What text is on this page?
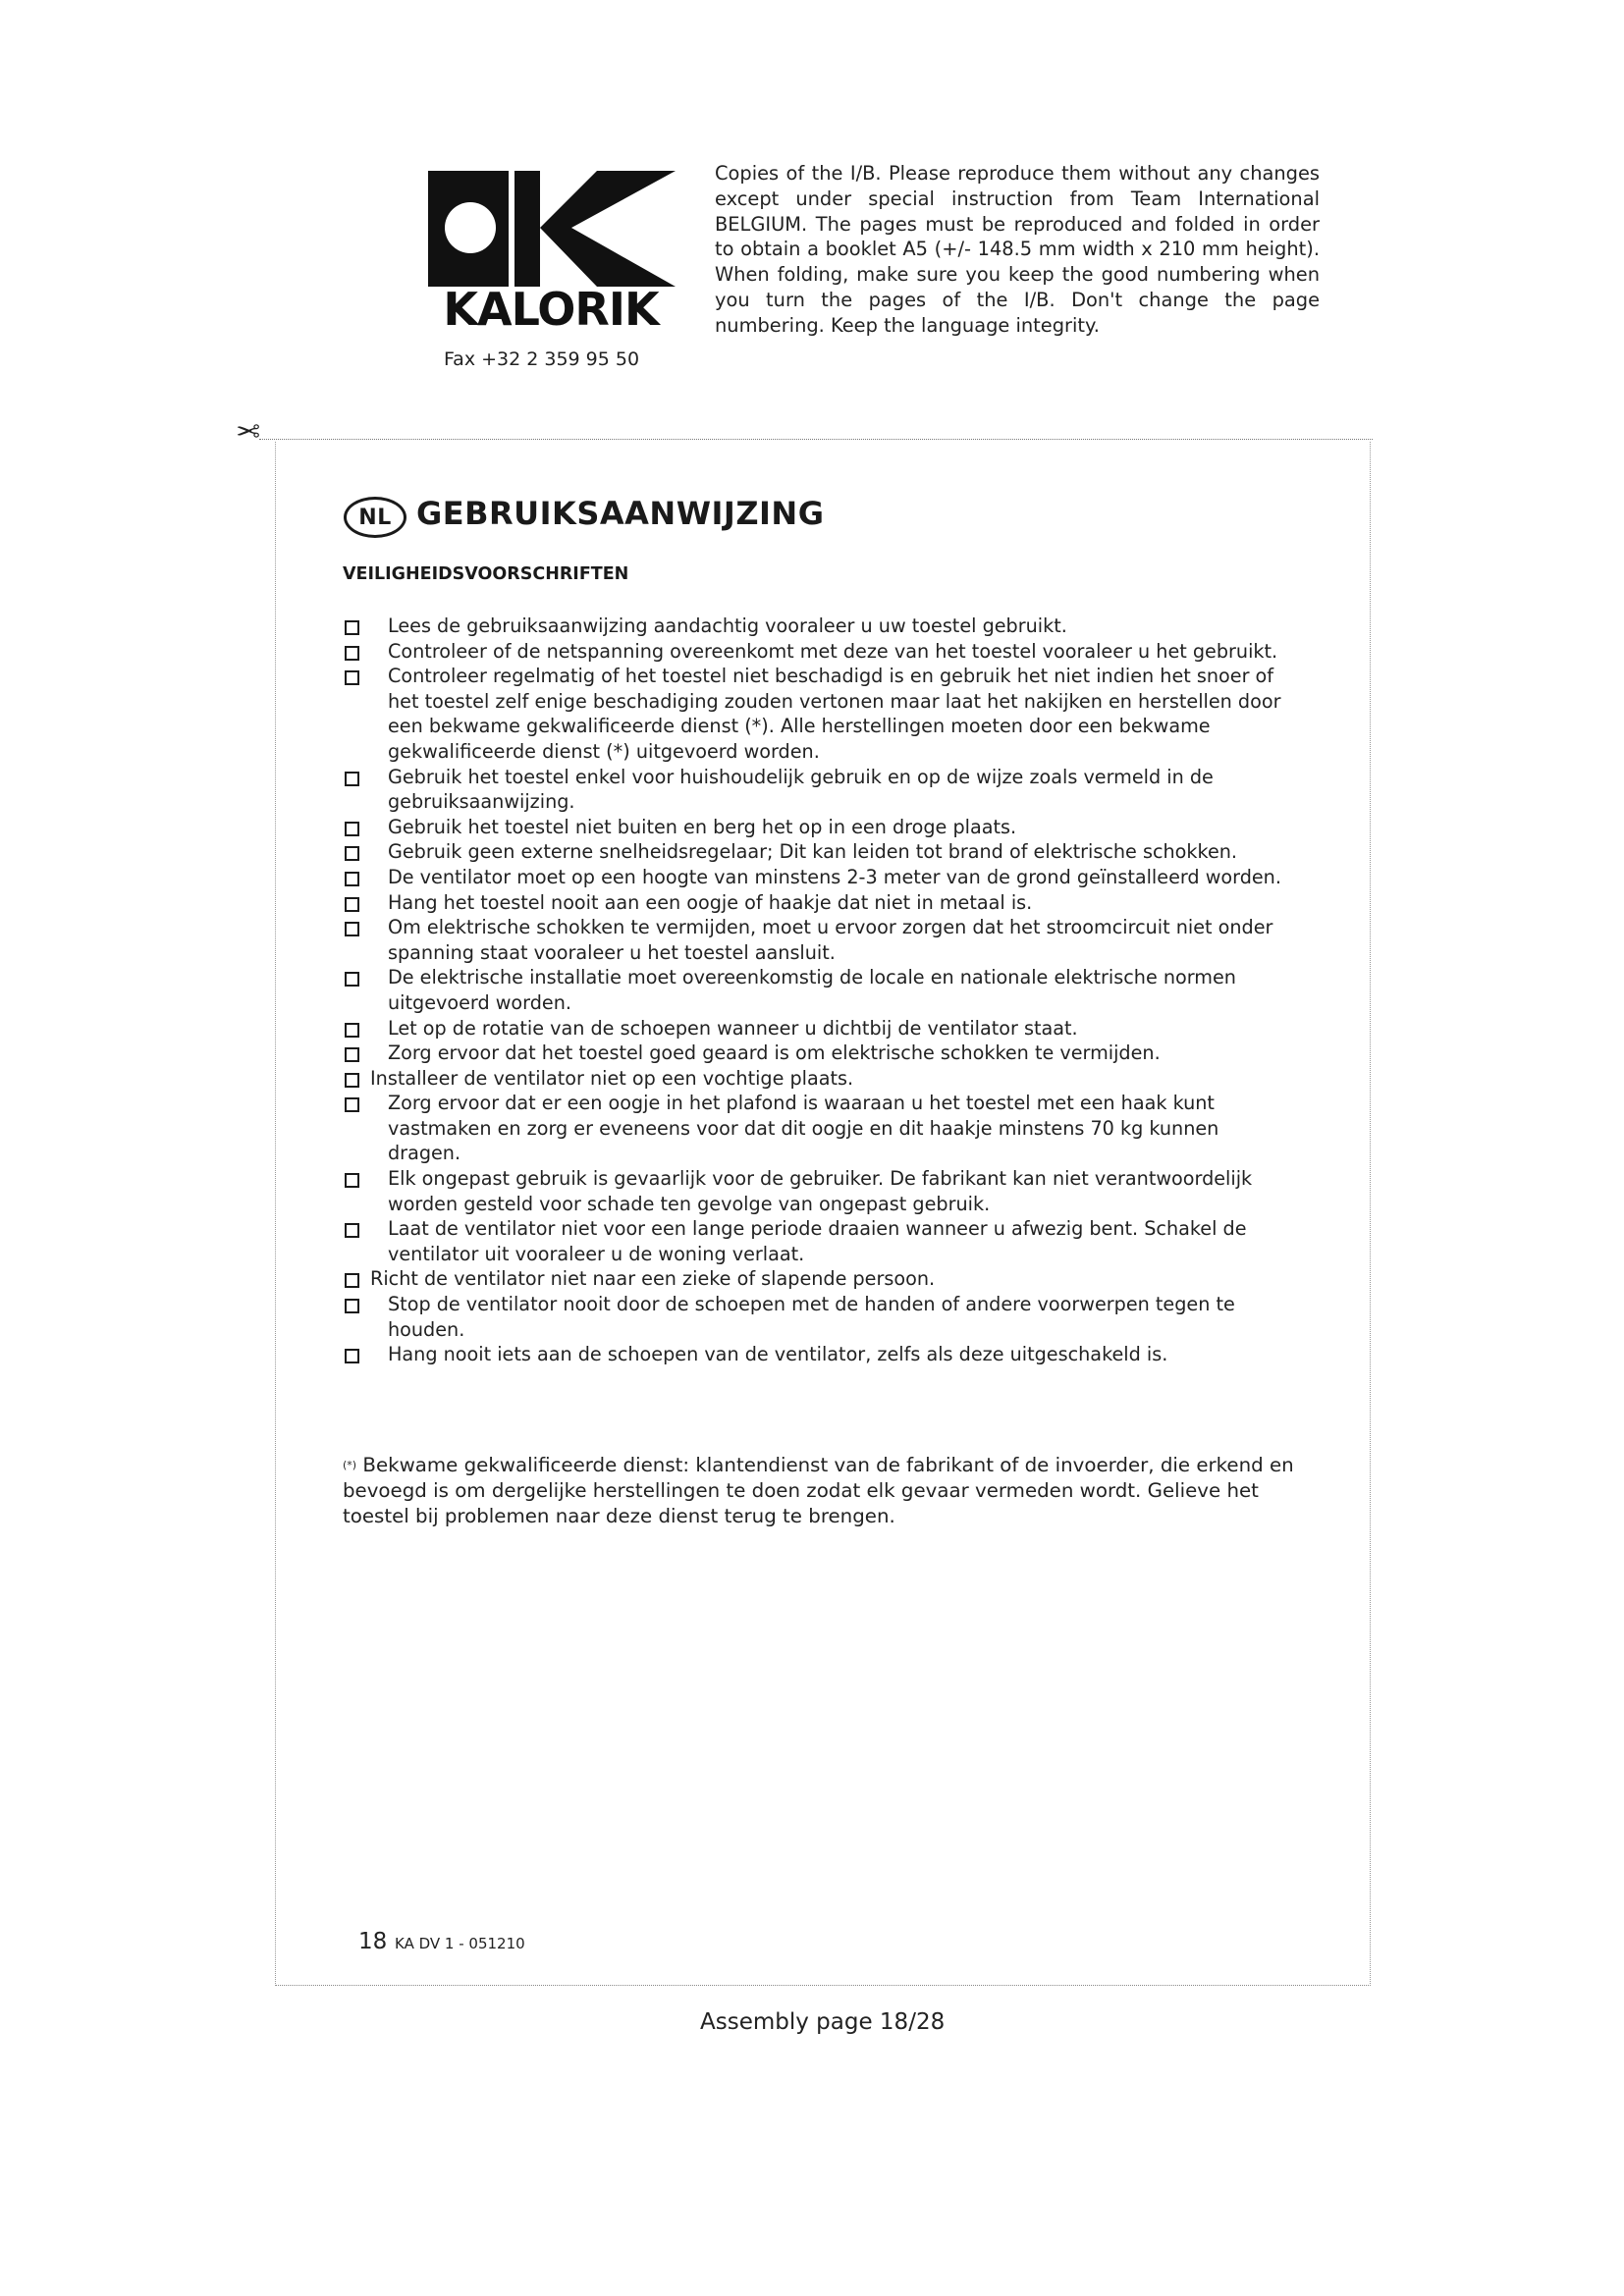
KALORIK
Fax +32 2 359 95 50
Copies of the I/B. Please reproduce them without any changes except under special instruction from Team International BELGIUM. The pages must be reproduced and folded in order to obtain a booklet A5 (+/- 148.5 mm width x 210 mm height). When folding, make sure you keep the good numbering when you turn the pages of the I/B. Don't change the page numbering. Keep the language integrity.
✂
NL GEBRUIKSAANWIJZING
VEILIGHEIDSVOORSCHRIFTEN
Lees de gebruiksaanwijzing aandachtig vooraleer u uw toestel gebruikt.
Controleer of de netspanning overeenkomt met deze van het toestel vooraleer u het gebruikt.
Controleer regelmatig of het toestel niet beschadigd is en gebruik het niet indien het snoer of het toestel zelf enige beschadiging zouden vertonen maar laat het nakijken en herstellen door een bekwame gekwalificeerde dienst (*). Alle herstellingen moeten door een bekwame gekwalificeerde dienst (*) uitgevoerd worden.
Gebruik het toestel enkel voor huishoudelijk gebruik en op de wijze zoals vermeld in de gebruiksaanwijzing.
Gebruik het toestel niet buiten en berg het op in een droge plaats.
Gebruik geen externe snelheidsregelaar; Dit kan leiden tot brand of elektrische schokken.
De ventilator moet op een hoogte van minstens 2-3 meter van de grond geïnstalleerd worden.
Hang het toestel nooit aan een oogje of haakje dat niet in metaal is.
Om elektrische schokken te vermijden, moet u ervoor zorgen dat het stroomcircuit niet onder spanning staat vooraleer u het toestel aansluit.
De elektrische installatie moet overeenkomstig de locale en nationale elektrische normen uitgevoerd worden.
Let op de rotatie van de schoepen wanneer u dichtbij de ventilator staat.
Zorg ervoor dat het toestel goed geaard is om elektrische schokken te vermijden.
Installeer de ventilator niet op een vochtige plaats.
Zorg ervoor dat er een oogje in het plafond is waaraan u het toestel met een haak kunt vastmaken en zorg er eveneens voor dat dit oogje en dit haakje minstens 70 kg kunnen dragen.
Elk ongepast gebruik is gevaarlijk voor de gebruiker. De fabrikant kan niet verantwoordelijk worden gesteld voor schade ten gevolge van ongepast gebruik.
Laat de ventilator niet voor een lange periode draaien wanneer u afwezig bent. Schakel de ventilator uit vooraleer u de woning verlaat.
Richt de ventilator niet naar een zieke of slapende persoon.
Stop de ventilator nooit door de schoepen met de handen of andere voorwerpen tegen te houden.
Hang nooit iets aan de schoepen van de ventilator, zelfs als deze uitgeschakeld is.
(*) Bekwame gekwalificeerde dienst: klantendienst van de fabrikant of de invoerder, die erkend en bevoegd is om dergelijke herstellingen te doen zodat elk gevaar vermeden wordt. Gelieve het toestel bij problemen naar deze dienst terug te brengen.
18 KA DV 1 - 051210
Assembly page 18/28
